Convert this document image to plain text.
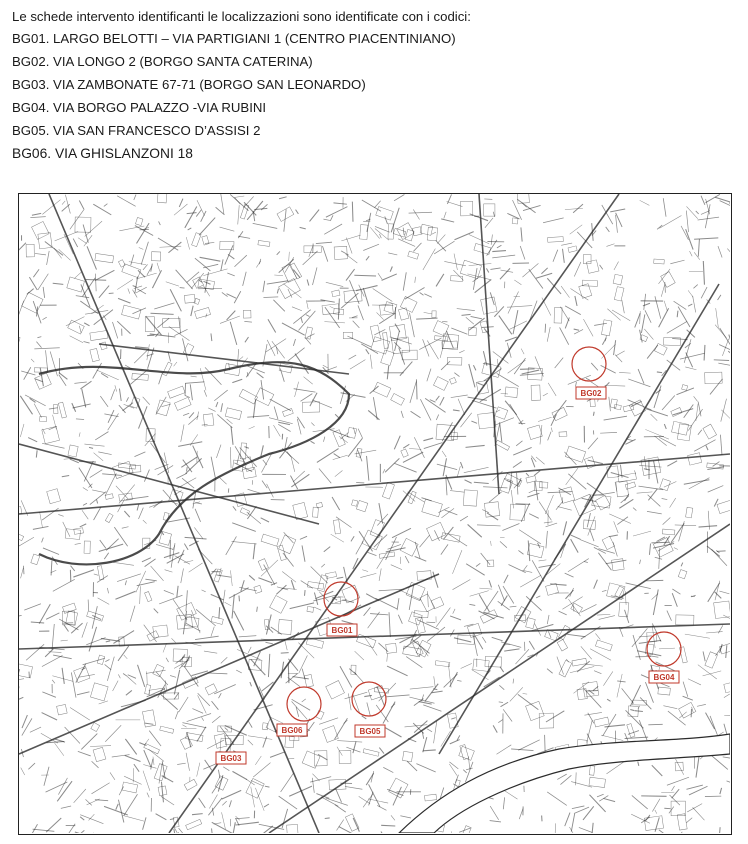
Le schede intervento identificanti le localizzazioni sono identificate con i codici:
BG01. LARGO BELOTTI – VIA PARTIGIANI 1 (CENTRO PIACENTINIANO)
BG02. VIA LONGO 2 (BORGO SANTA CATERINA)
BG03. VIA ZAMBONATE 67-71 (BORGO SAN LEONARDO)
BG04. VIA BORGO PALAZZO -VIA RUBINI
BG05. VIA SAN FRANCESCO D’ASSISI 2
BG06. VIA GHISLANZONI 18
BG01
BG02
BG03
BG04
BG05
BG06
